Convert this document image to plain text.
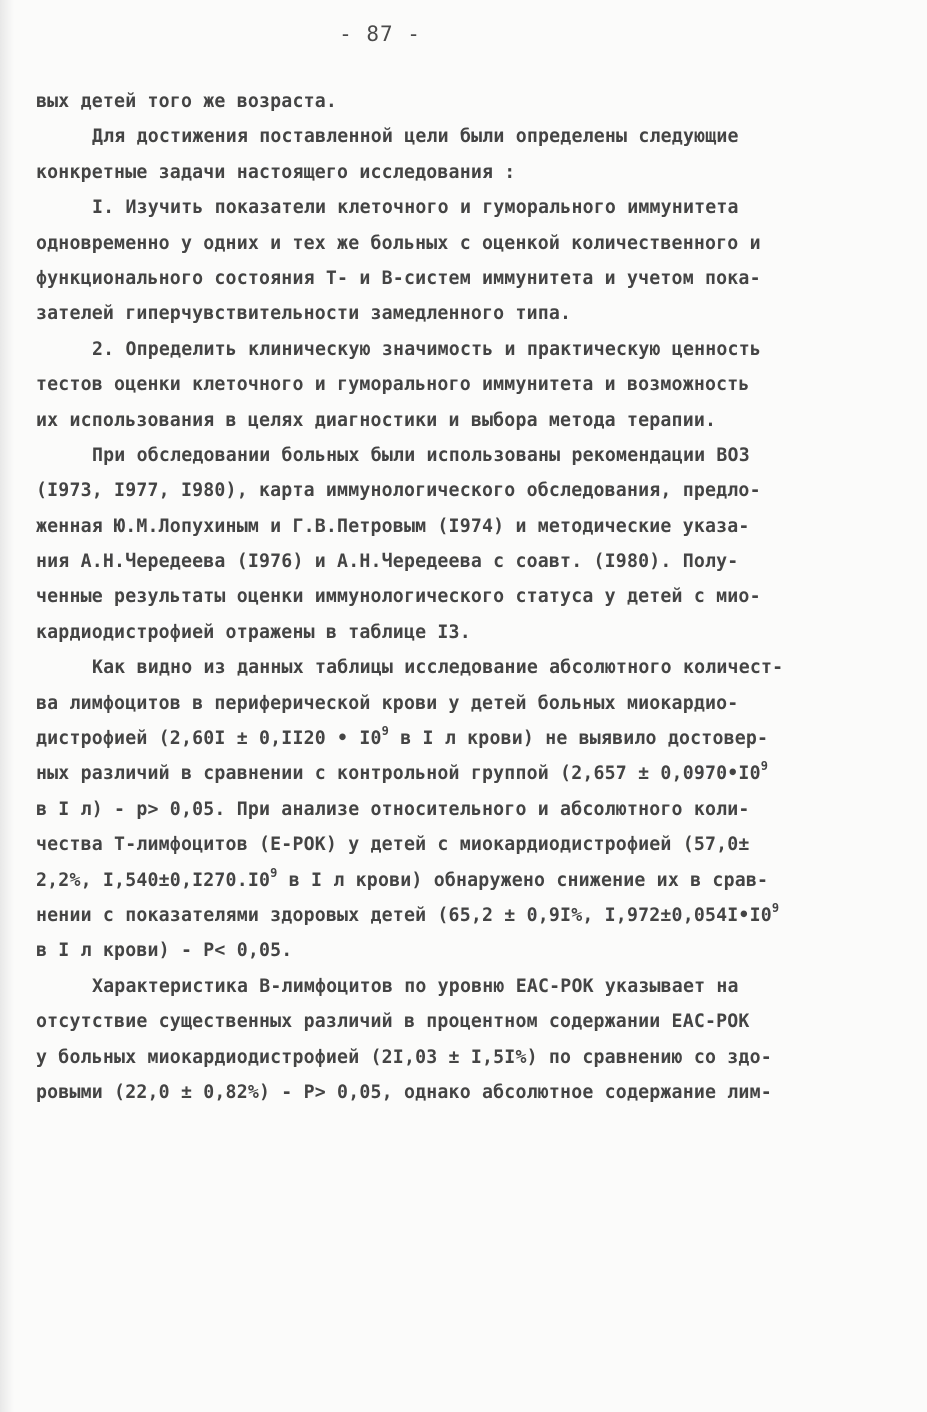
- 87 -
вых детей того же возраста.
Для достижения поставленной цели были определены следующие
конкретные задачи настоящего исследования :
I. Изучить показатели клеточного и гуморального иммунитета
одновременно у одних и тех же больных с оценкой количественного и
функционального состояния Т- и В-систем иммунитета и учетом пока-
зателей гиперчувствительности замедленного типа.
2. Определить клиническую значимость и практическую ценность
тестов оценки клеточного и гуморального иммунитета и возможность
их использования в целях диагностики и выбора метода терапии.
При обследовании больных были использованы рекомендации ВОЗ
(I973, I977, I980), карта иммунологического обследования, предло-
женная Ю.М.Лопухиным и Г.В.Петровым (I974) и методические указа-
ния А.Н.Чередеева (I976) и А.Н.Чередеева с соавт. (I980). Полу-
ченные результаты оценки иммунологического статуса у детей с мио-
кардиодистрофией отражены в таблице I3.
Как видно из данных таблицы исследование абсолютного количест-
ва лимфоцитов в периферической крови у детей больных миокардио-
дистрофией (2,60I ± 0,II20 • $I0^9$ в I л крови) не выявило достовер-
ных различий в сравнении с контрольной группой ($2,657 \pm 0,0970•I0^9$
в I л) - p> 0,05. При анализе относительного и абсолютного коли-
чества Т-лимфоцитов (Е-РОК) у детей с миокардиодистрофией (57,0±
2,2%, $I,540\pm 0,I270.I0^9$ в I л крови) обнаружено снижение их в срав-
нении с показателями здоровых детей (65,2 ± 0,9I%, $I,972\pm 0,054I•I0^9$
в I л крови) - P< 0,05.
Характеристика В-лимфоцитов по уровню ЕАС-РОК указывает на
отсутствие существенных различий в процентном содержании ЕАС-РОК
у больных миокардиодистрофией (2I,03 ± I,5I%) по сравнению со здо-
ровыми (22,0 ± 0,82%) - P> 0,05, однако абсолютное содержание лим-
